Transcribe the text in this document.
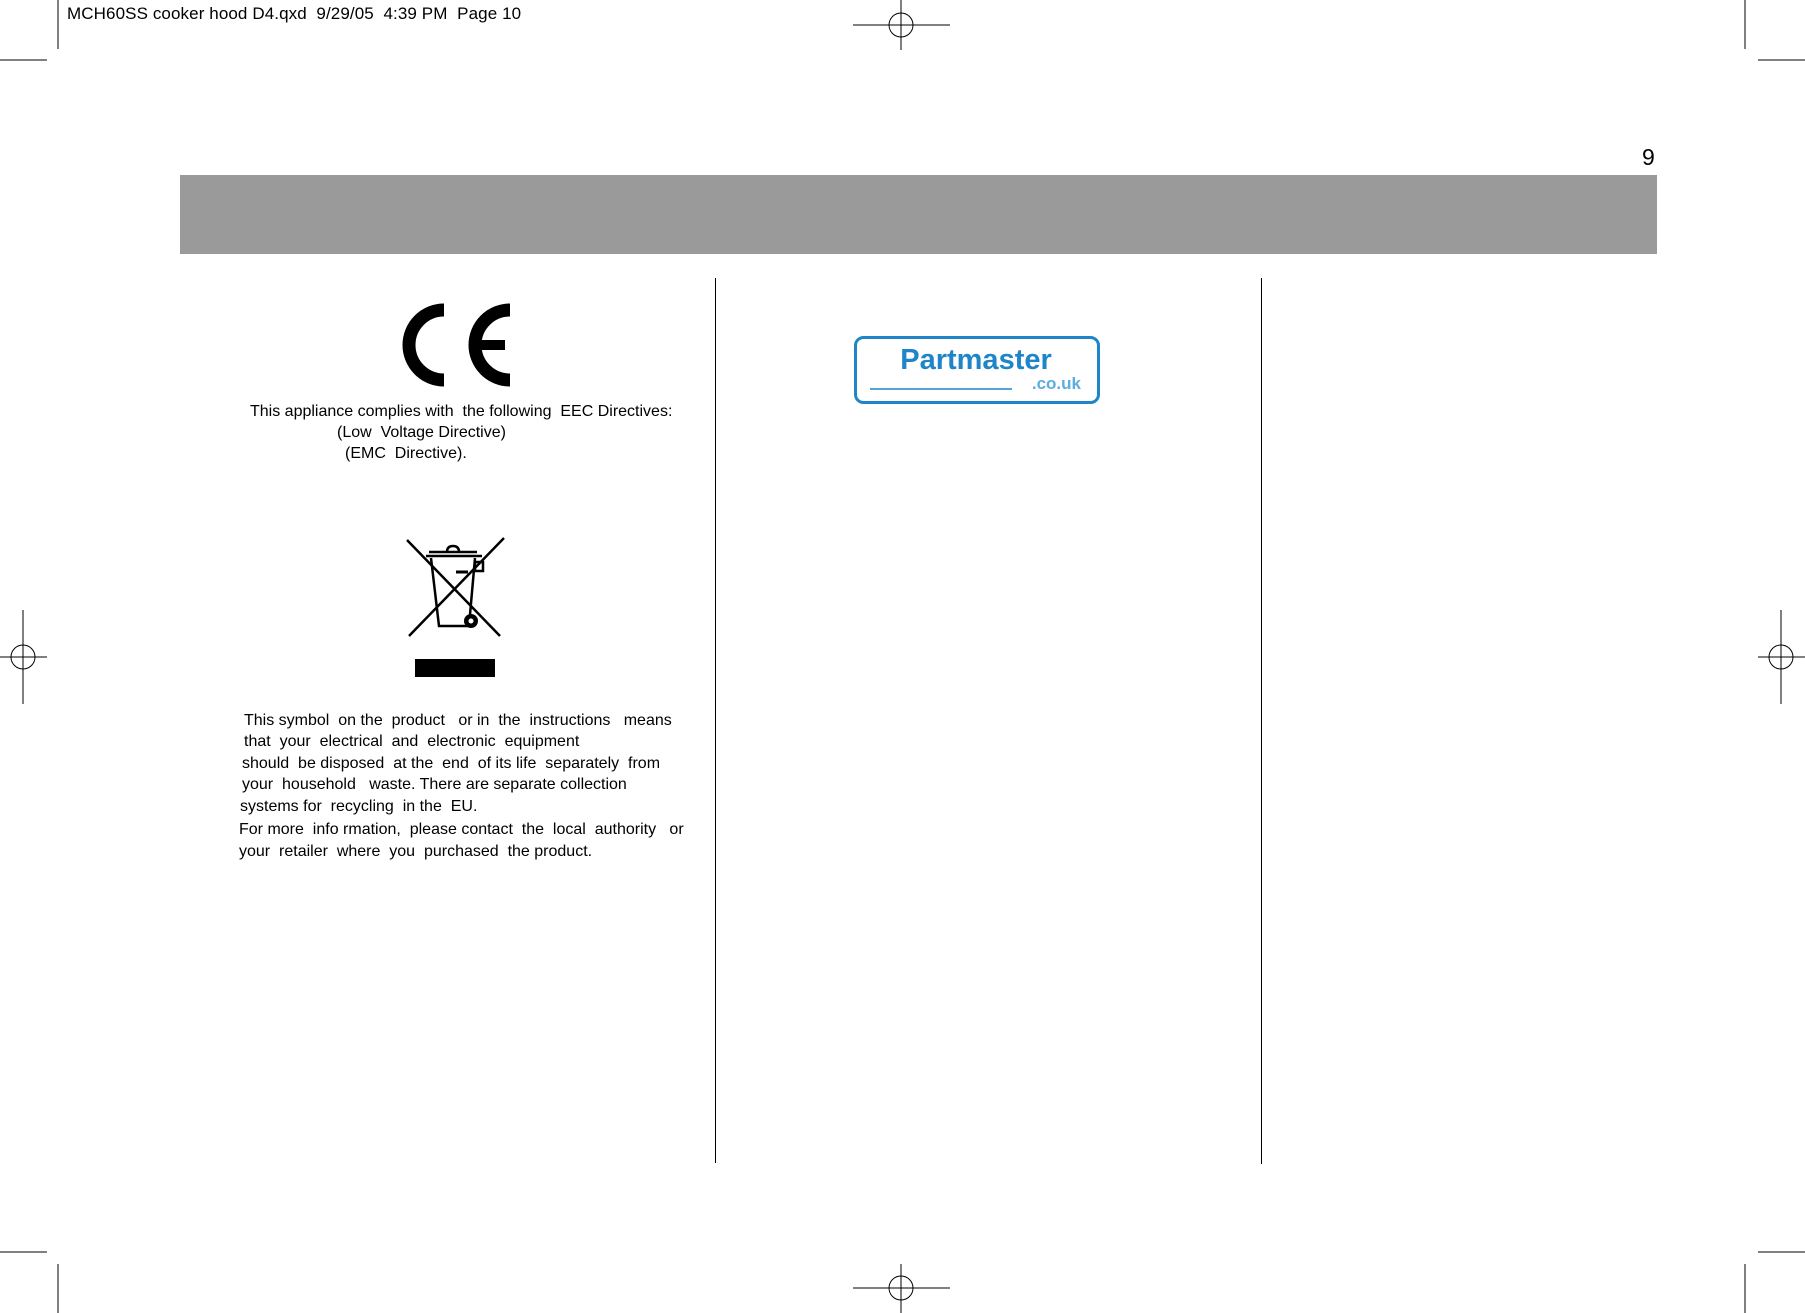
MCH60SS cooker hood D4.qxd  9/29/05  4:39 PM  Page 10
9
This appliance complies with  the following  EEC Directives:
(Low  Voltage Directive)
(EMC  Directive).
This symbol  on the  product   or in  the  instructions   means
that  your  electrical  and  electronic  equipment
should  be disposed  at the  end  of its life  separately  from
your  household   waste. There are separate collection
systems for  recycling  in the  EU.
For more  info rmation,  please contact  the  local  authority   or
your  retailer  where  you  purchased  the product.
Partmaster
.co.uk
